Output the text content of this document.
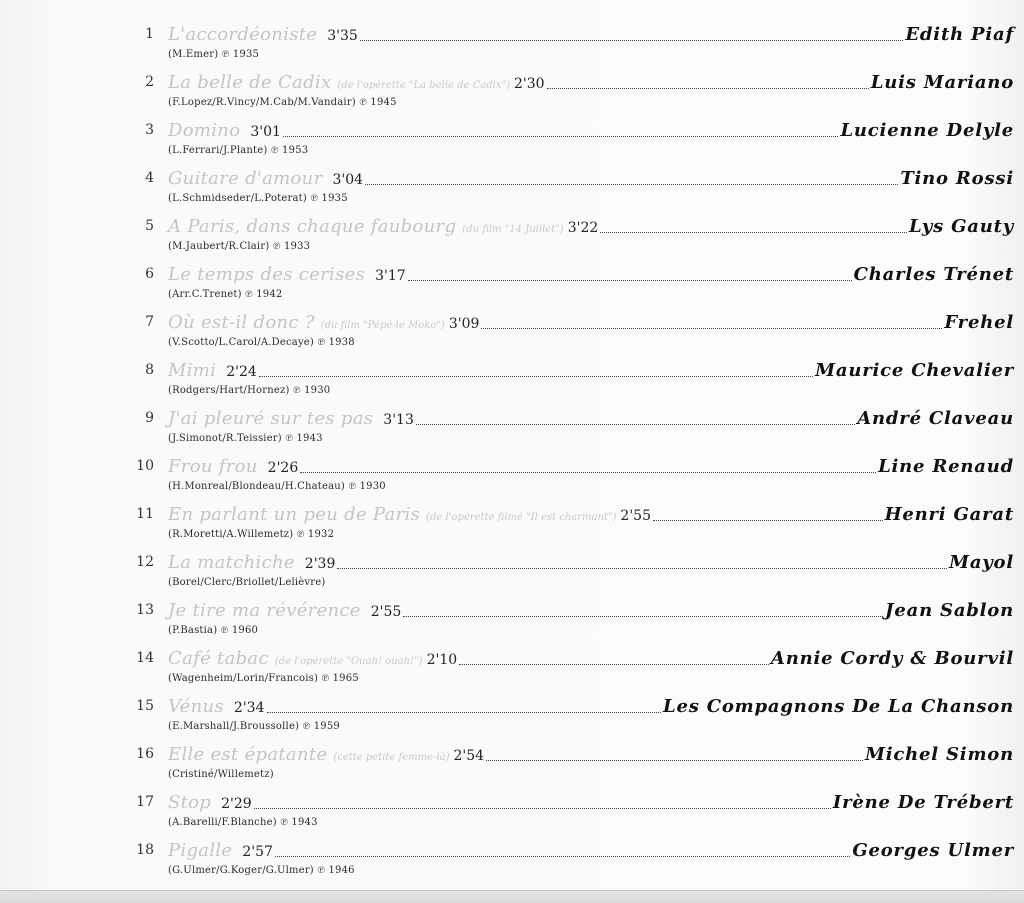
1 L'accordéoniste 3'35	Edith Piaf
(M.Emer) ℗ 1935
2 La belle de Cadix (de l'opérette "La belle de Cadix") 2'30	Luis Mariano
(F.Lopez/R.Vincy/M.Cab/M.Vandair) ℗ 1945
3 Domino 3'01	Lucienne Delyle
(L.Ferrari/J.Plante) ℗ 1953
4 Guitare d'amour 3'04	Tino Rossi
(L.Schmidseder/L.Poterat) ℗ 1935
5 A Paris, dans chaque faubourg (du film "14 Juillet") 3'22	Lys Gauty
(M.Jaubert/R.Clair) ℗ 1933
6 Le temps des cerises 3'17	Charles Trénet
(Arr.C.Trenet) ℗ 1942
7 Où est-il donc ? (du film "Pépé-le Moko") 3'09	Frehel
(V.Scotto/L.Carol/A.Decaye) ℗ 1938
8 Mimi 2'24	Maurice Chevalier
(Rodgers/Hart/Hornez) ℗ 1930
9 J'ai pleuré sur tes pas 3'13	André Claveau
(J.Simonot/R.Teissier) ℗ 1943
10 Frou frou 2'26	Line Renaud
(H.Monreal/Blondeau/H.Chateau) ℗ 1930
11 En parlant un peu de Paris (de l'opérette filmé "Il est charmant") 2'55	Henri Garat
(R.Moretti/A.Willemetz) ℗ 1932
12 La matchiche 2'39	Mayol
(Borel/Clerc/Briollet/Lelièvre)
13 Je tire ma révérence 2'55	Jean Sablon
(P.Bastia) ℗ 1960
14 Café tabac (de l'opérette "Ouah! ouah!") 2'10	Annie Cordy & Bourvil
(Wagenheim/Lorin/Francois) ℗ 1965
15 Vénus 2'34	Les Compagnons De La Chanson
(E.Marshall/J.Broussolle) ℗ 1959
16 Elle est épatante (cette petite femme-là) 2'54	Michel Simon
(Cristiné/Willemetz)
17 Stop 2'29	Irène De Trébert
(A.Barelli/F.Blanche) ℗ 1943
18 Pigalle 2'57	Georges Ulmer
(G.Ulmer/G.Koger/G.Ulmer) ℗ 1946
